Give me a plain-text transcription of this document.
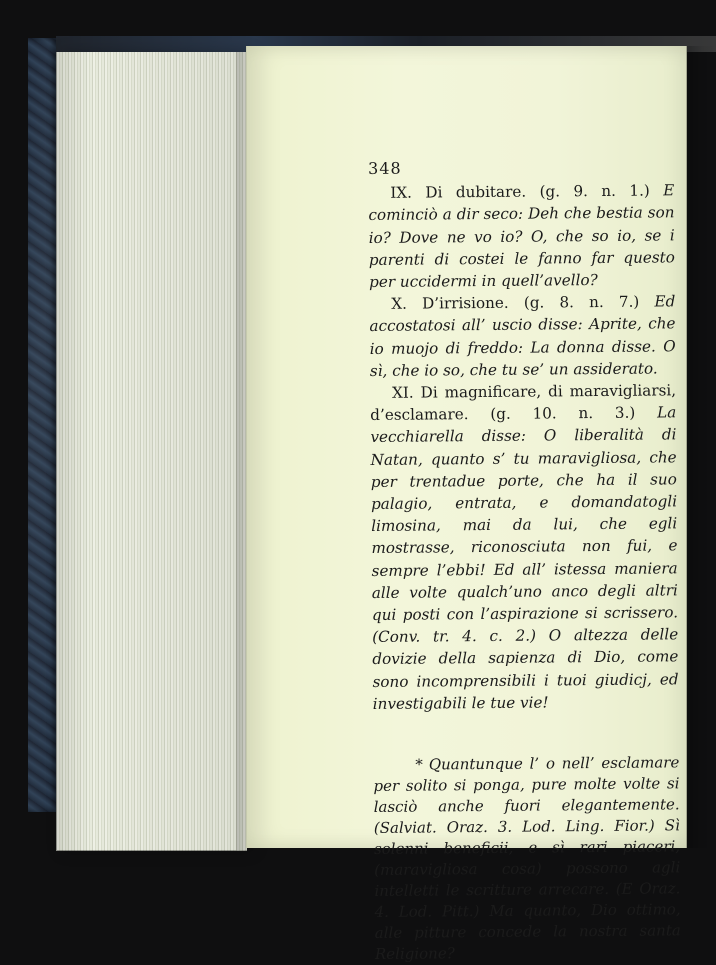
348

IX. Di dubitare. (g. 9. n. 1.) E cominciò a dir seco: Deh che bestia son io? Dove ne vo io? O, che so io, se i parenti di costei le fanno far questo per uccidermi in quell’avello?

X. D’irrisione. (g. 8. n. 7.) Ed accostatosi all’ uscio disse: Aprite, che io muojo di freddo: La donna disse. O sì, che io so, che tu se’ un assiderato.

XI. Di magnificare, di maravigliarsi, d’esclamare. (g. 10. n. 3.) La vecchiarella disse: O liberalità di Natan, quanto s’ tu maravigliosa, che per trentadue porte, che ha il suo palagio, entrata, e domandatogli limosina, mai da lui, che egli mostrasse, riconosciuta non fui, e sempre l’ebbi! Ed all’ istessa maniera alle volte qualch’uno anco degli altri qui posti con l’aspirazione si scrissero. (Conv. tr. 4. c. 2.) O altezza delle dovizie della sapienza di Dio, come sono incomprensibili i tuoi giudicj, ed investigabili le tue vie!

* Quantunque l’ o nell’ esclamare per solito si ponga, pure molte volte si lasciò anche fuori elegantemente. (Salviat. Oraz. 3. Lod. Ling. Fior.) Sì solenni beneficii, e sì rari piaceri, (maravigliosa cosa) possono agli intelletti le scritture arrecare. (E Oraz. 4. Lod. Pitt.) Ma quanto, Dio ottimo, alle pitture concede la nostra santa Religione?
